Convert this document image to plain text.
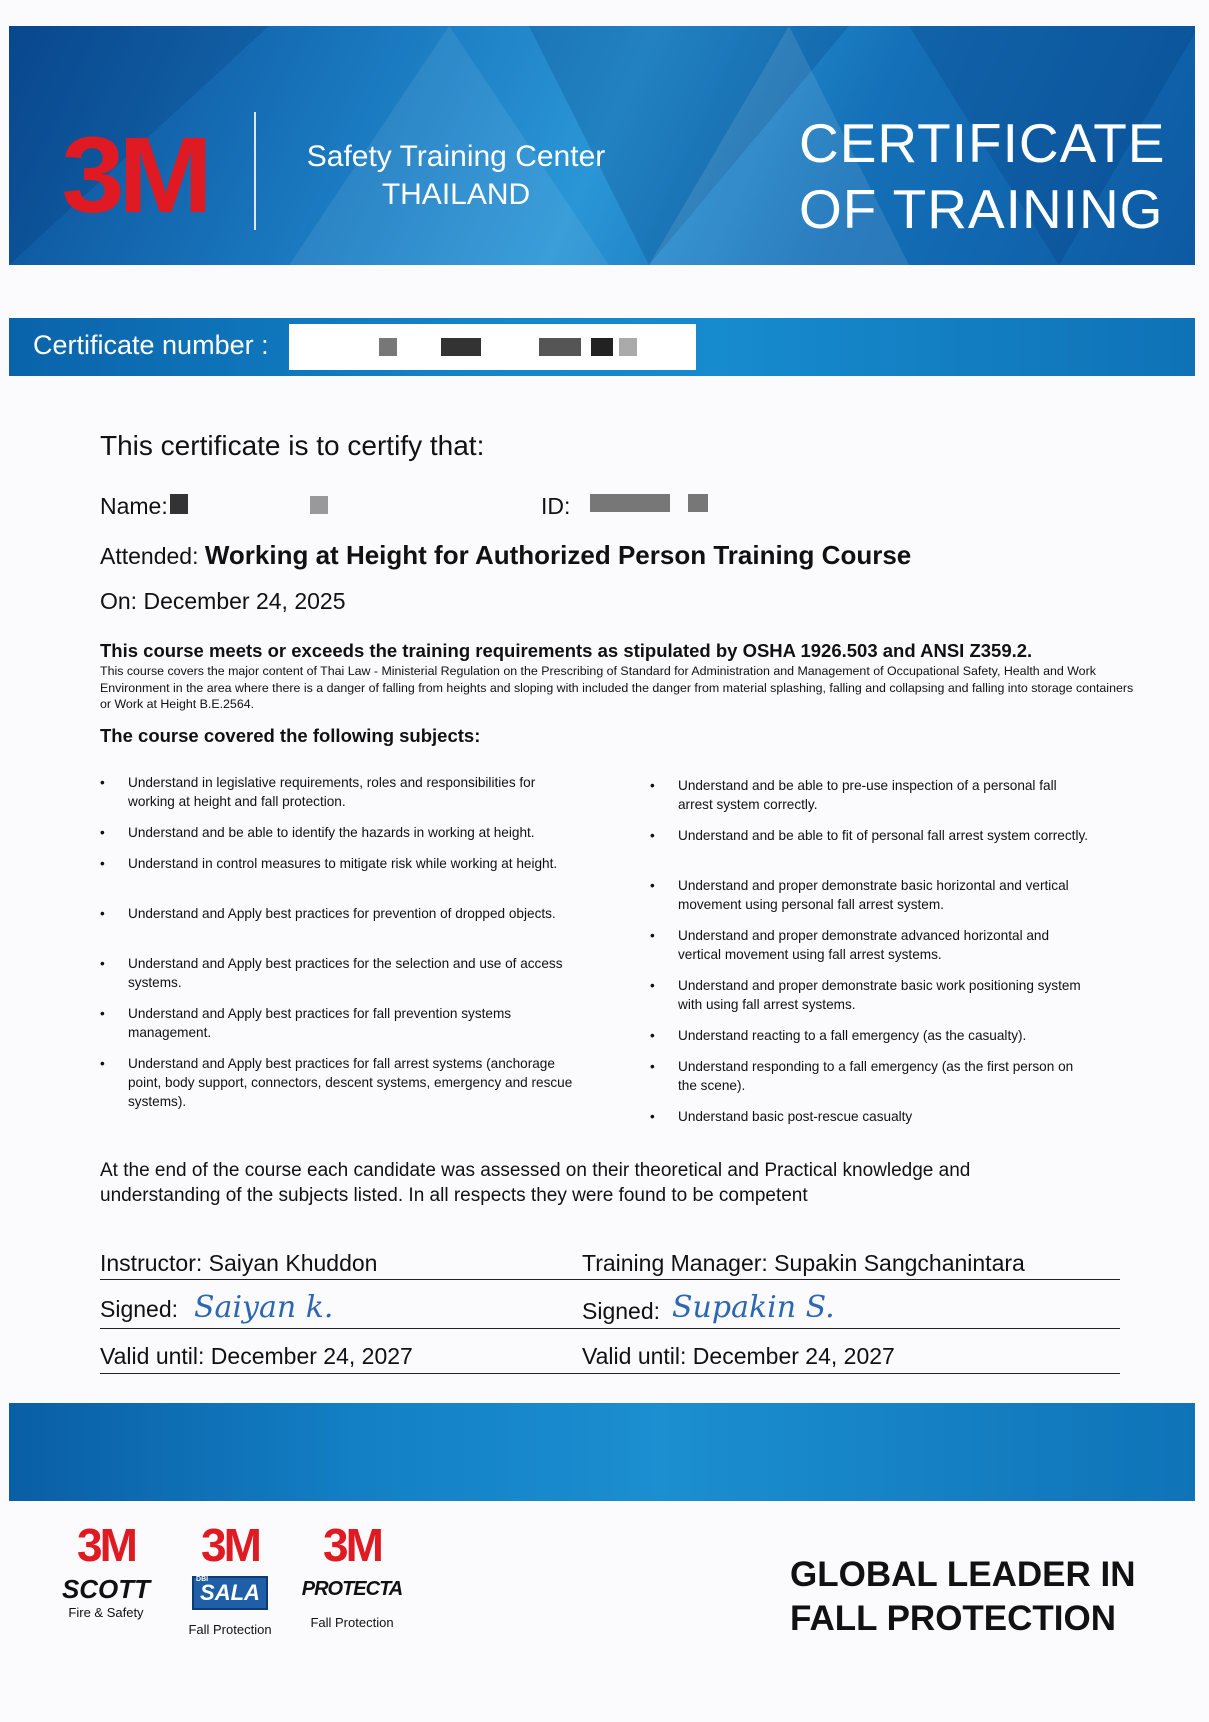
3M	Safety Training Center
THAILAND
CERTIFICATE
OF TRAINING
Certificate number :
This certificate is to certify that:
Name:	ID:
Attended: Working at Height for Authorized Person Training Course
On: December 24, 2025
This course meets or exceeds the training requirements as stipulated by OSHA 1926.503 and ANSI Z359.2.
This course covers the major content of Thai Law - Ministerial Regulation on the Prescribing of Standard for Administration and Management of Occupational Safety, Health and Work Environment in the area where there is a danger of falling from heights and sloping with included the danger from material splashing, falling and collapsing and falling into storage containers or Work at Height B.E.2564.
The course covered the following subjects:
• Understand in legislative requirements, roles and responsibilities for working at height and fall protection.
• Understand and be able to identify the hazards in working at height.
• Understand in control measures to mitigate risk while working at height.
• Understand and Apply best practices for prevention of dropped objects.
• Understand and Apply best practices for the selection and use of access systems.
• Understand and Apply best practices for fall prevention systems management.
• Understand and Apply best practices for fall arrest systems (anchorage point, body support, connectors, descent systems, emergency and rescue systems).
• Understand and be able to pre-use inspection of a personal fall arrest system correctly.
• Understand and be able to fit of personal fall arrest system correctly.
• Understand and proper demonstrate basic horizontal and vertical movement using personal fall arrest system.
• Understand and proper demonstrate advanced horizontal and vertical movement using fall arrest systems.
• Understand and proper demonstrate basic work positioning system with using fall arrest systems.
• Understand reacting to a fall emergency (as the casualty).
• Understand responding to a fall emergency (as the first person on the scene).
• Understand basic post-rescue casualty
At the end of the course each candidate was assessed on their theoretical and Practical knowledge and understanding of the subjects listed. In all respects they were found to be competent
Instructor: Saiyan Khuddon	Training Manager: Supakin Sangchanintara
Signed: Saiyan k.	Signed: Supakin S.
Valid until: December 24, 2027	Valid until: December 24, 2027
3M
SCOTT
Fire & Safety
3M
DBI
SALA
Fall Protection
3M
PROTECTA
Fall Protection
GLOBAL LEADER IN
FALL PROTECTION
